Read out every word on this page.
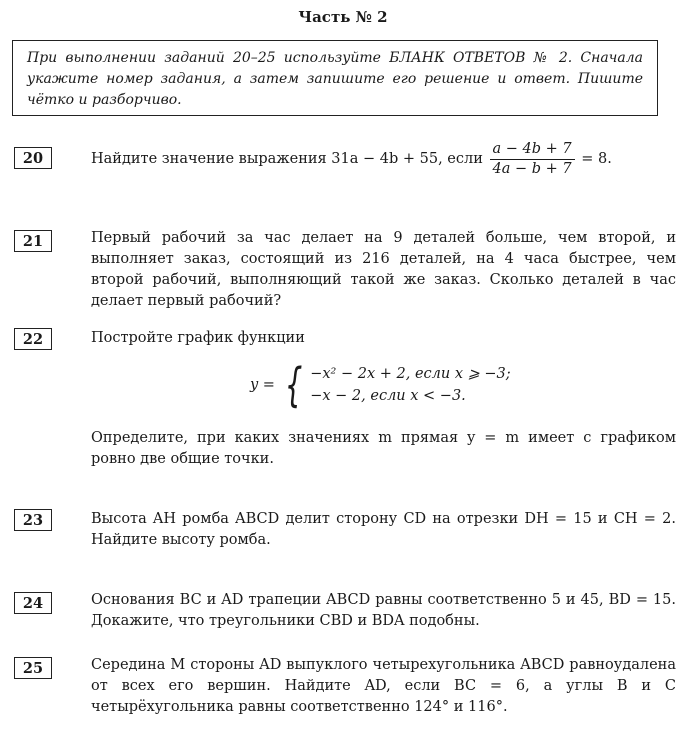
Часть № 2
При выполнении заданий 20–25 используйте БЛАНК ОТВЕТОВ № 2. Сначала укажите номер задания, а затем запишите его решение и ответ. Пишите чётко и разборчиво.
20	Найдите значение выражения 31a − 4b + 55, если $\frac{a - 4b + 7}{4a - b + 7} = 8$.
21	Первый рабочий за час делает на 9 деталей больше, чем второй, и выполняет заказ, состоящий из 216 деталей, на 4 часа быстрее, чем второй рабочий, выполняющий такой же заказ. Сколько деталей в час делает первый рабочий?
22	Постройте график функции
y = { −x² − 2x + 2, если x ⩾ −3;
−x − 2, если x < −3.
Определите, при каких значениях m прямая y = m имеет с графиком ровно две общие точки.
23	Высота AH ромба ABCD делит сторону CD на отрезки DH = 15 и CH = 2. Найдите высоту ромба.
24	Основания BC и AD трапеции ABCD равны соответственно 5 и 45, BD = 15. Докажите, что треугольники CBD и BDA подобны.
25	Середина M стороны AD выпуклого четырехугольника ABCD равноудалена от всех его вершин. Найдите AD, если BC = 6, а углы B и C четырёхугольника равны соответственно 124° и 116°.
